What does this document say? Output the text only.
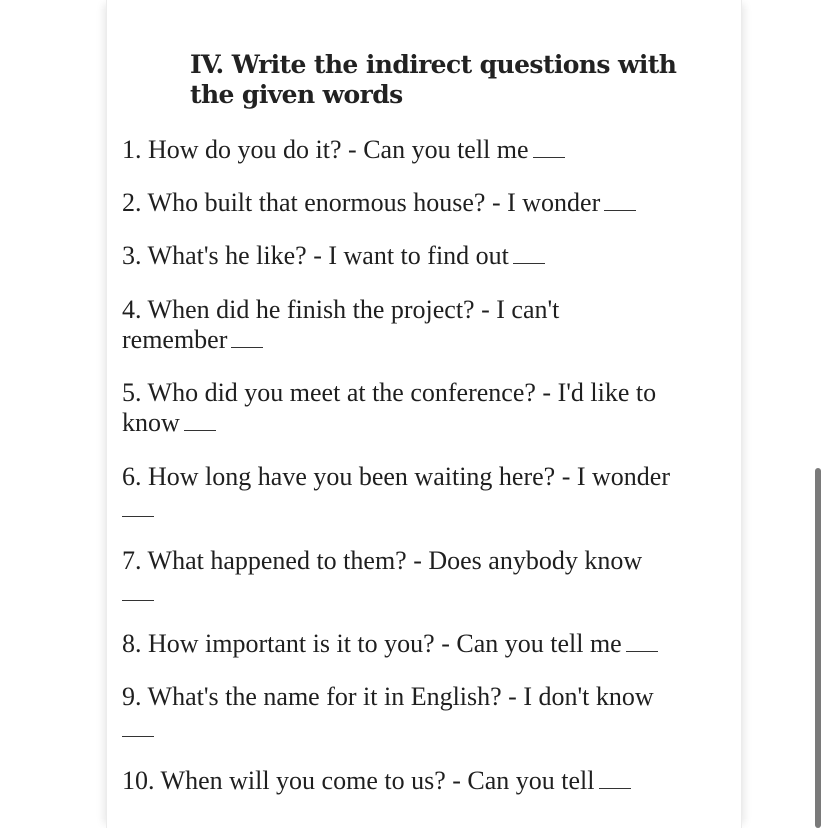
IV. Write the indirect questions with the given words

1. How do you do it? - Can you tell me

2. Who built that enormous house? - I wonder

3. What's he like? - I want to find out

4. When did he finish the project? - I can't remember

5. Who did you meet at the conference? - I'd like to know

6. How long have you been waiting here? - I wonder

7. What happened to them? - Does anybody know

8. How important is it to you? - Can you tell me

9. What's the name for it in English? - I don't know

10. When will you come to us? - Can you tell
